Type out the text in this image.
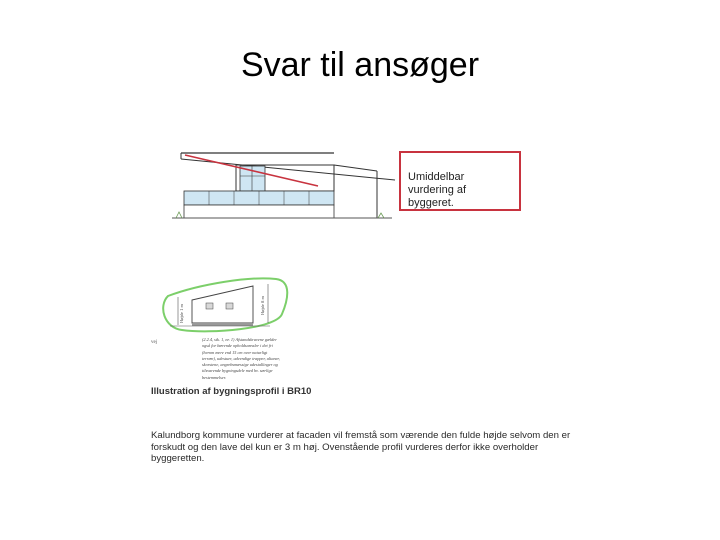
Svar til ansøger
Umiddelbar vurdering af byggeret.
Højde 1 m	Højde 8 m
vej
(2.2.4, stk. 1, nr. 1) Afstandskravene gælder også for bærende opholdsarealer i det fri (herom mere end 15 cm over naturligt terræn), udestuer, udvendige trapper, altaner, skorstene, angrebsmæssige udestallinger og tilsvarende bygningsdele med hv. særlige bestemmelser.
Illustration af bygningsprofil i BR10
Kalundborg kommune vurderer at facaden vil fremstå som værende den fulde højde selvom den er forskudt og den lave del kun er 3 m høj. Ovenstående profil vurderes derfor ikke overholder byggeretten.
